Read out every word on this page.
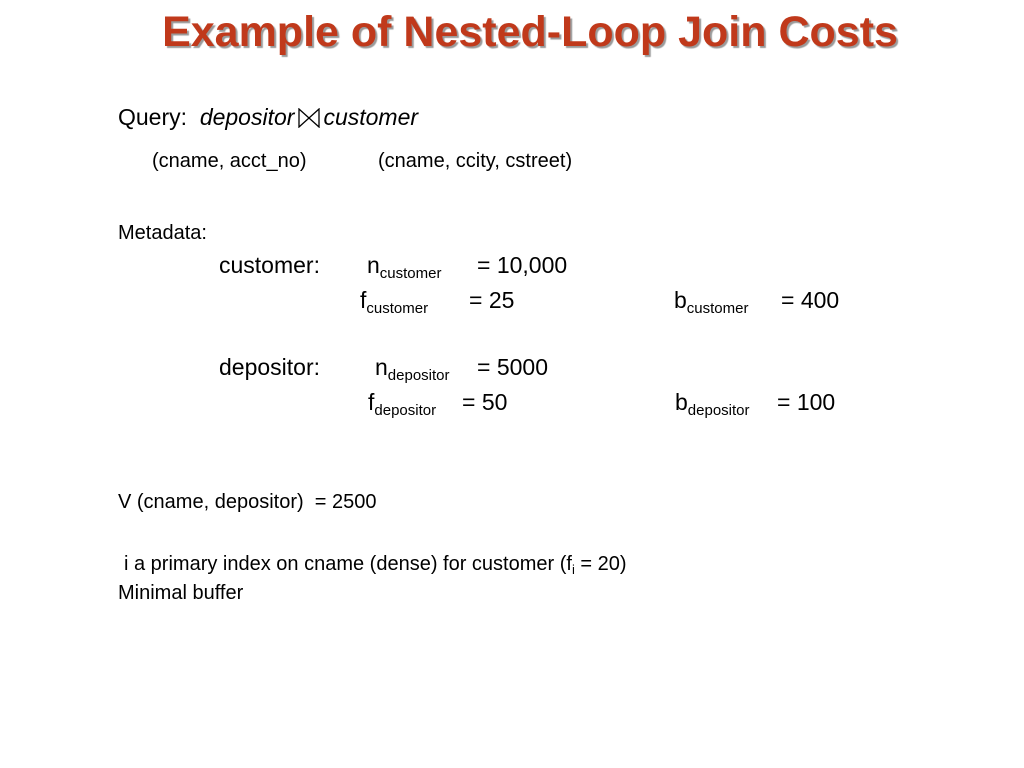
Example of Nested-Loop Join Costs
Query: depositor customer
(cname, acct_no)	(cname, ccity, cstreet)
Metadata:
customer: $n_{customer} = 10,000$
$f_{customer} = 25$	$b_{customer} = 400$
depositor: $n_{depositor} = 5000$
$f_{depositor} = 50$	$b_{depositor} = 100$
V (cname, depositor) = 2500
i a primary index on cname (dense) for customer $(f_i = 20)$
Minimal buffer
